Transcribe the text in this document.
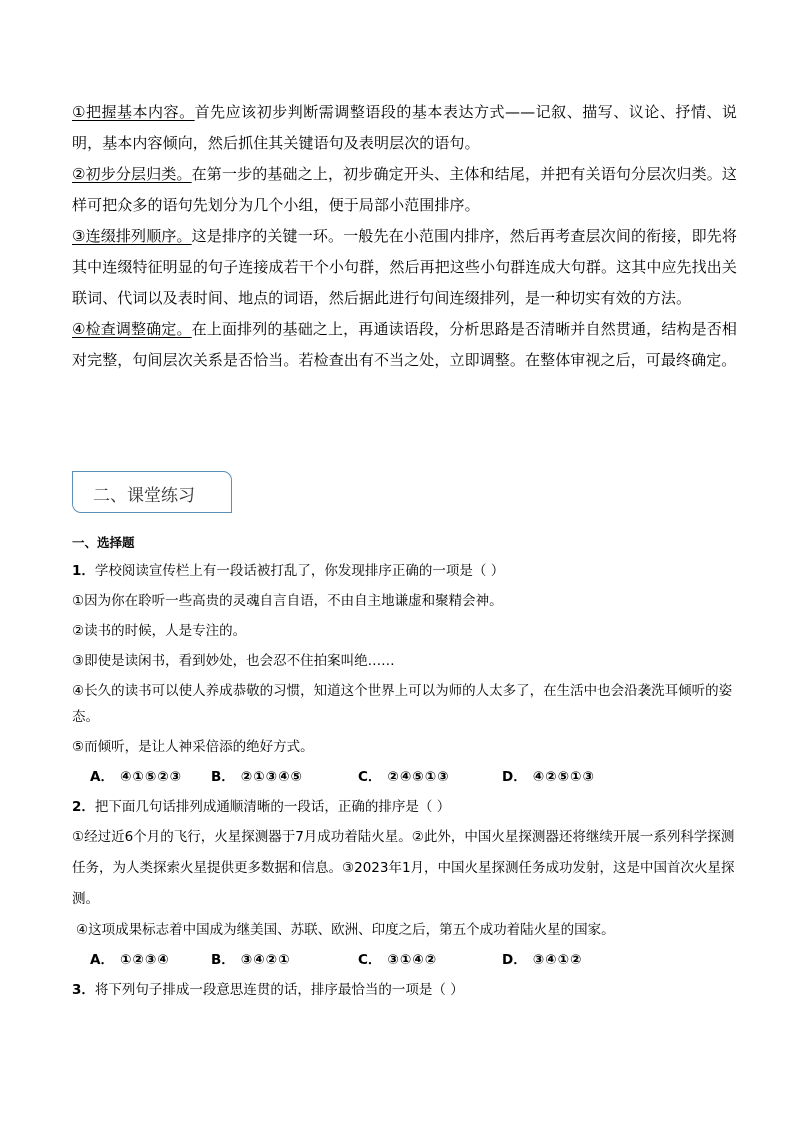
①把握基本内容。首先应该初步判断需调整语段的基本表达方式——记叙、描写、议论、抒情、说明，基本内容倾向，然后抓住其关键语句及表明层次的语句。

②初步分层归类。在第一步的基础之上，初步确定开头、主体和结尾，并把有关语句分层次归类。这样可把众多的语句先划分为几个小组，便于局部小范围排序。

③连缀排列顺序。这是排序的关键一环。一般先在小范围内排序，然后再考查层次间的衔接，即先将其中连缀特征明显的句子连接成若干个小句群，然后再把这些小句群连成大句群。这其中应先找出关联词、代词以及表时间、地点的词语，然后据此进行句间连缀排列，是一种切实有效的方法。

④检查调整确定。在上面排列的基础之上，再通读语段，分析思路是否清晰并自然贯通，结构是否相对完整，句间层次关系是否恰当。若检查出有不当之处，立即调整。在整体审视之后，可最终确定。

二、课堂练习

一、选择题

1．学校阅读宣传栏上有一段话被打乱了，你发现排序正确的一项是（ ）

①因为你在聆听一些高贵的灵魂自言自语，不由自主地谦虚和聚精会神。

②读书的时候，人是专注的。

③即使是读闲书，看到妙处，也会忍不住拍案叫绝……

④长久的读书可以使人养成恭敬的习惯，知道这个世界上可以为师的人太多了，在生活中也会沿袭洗耳倾听的姿态。

⑤而倾听，是让人神采倍添的绝好方式。

A． ④①⑤②③	B． ②①③④⑤	C． ②④⑤①③	D． ④②⑤①③

2．把下面几句话排列成通顺清晰的一段话，正确的排序是（ ）

①经过近6个月的飞行，火星探测器于7月成功着陆火星。②此外，中国火星探测器还将继续开展一系列科学探测任务，为人类探索火星提供更多数据和信息。③2023年1月，中国火星探测任务成功发射，这是中国首次火星探测。

④这项成果标志着中国成为继美国、苏联、欧洲、印度之后，第五个成功着陆火星的国家。

A． ①②③④	B． ③④②①	C． ③①④②	D． ③④①②

3．将下列句子排成一段意思连贯的话，排序最恰当的一项是（ ）
